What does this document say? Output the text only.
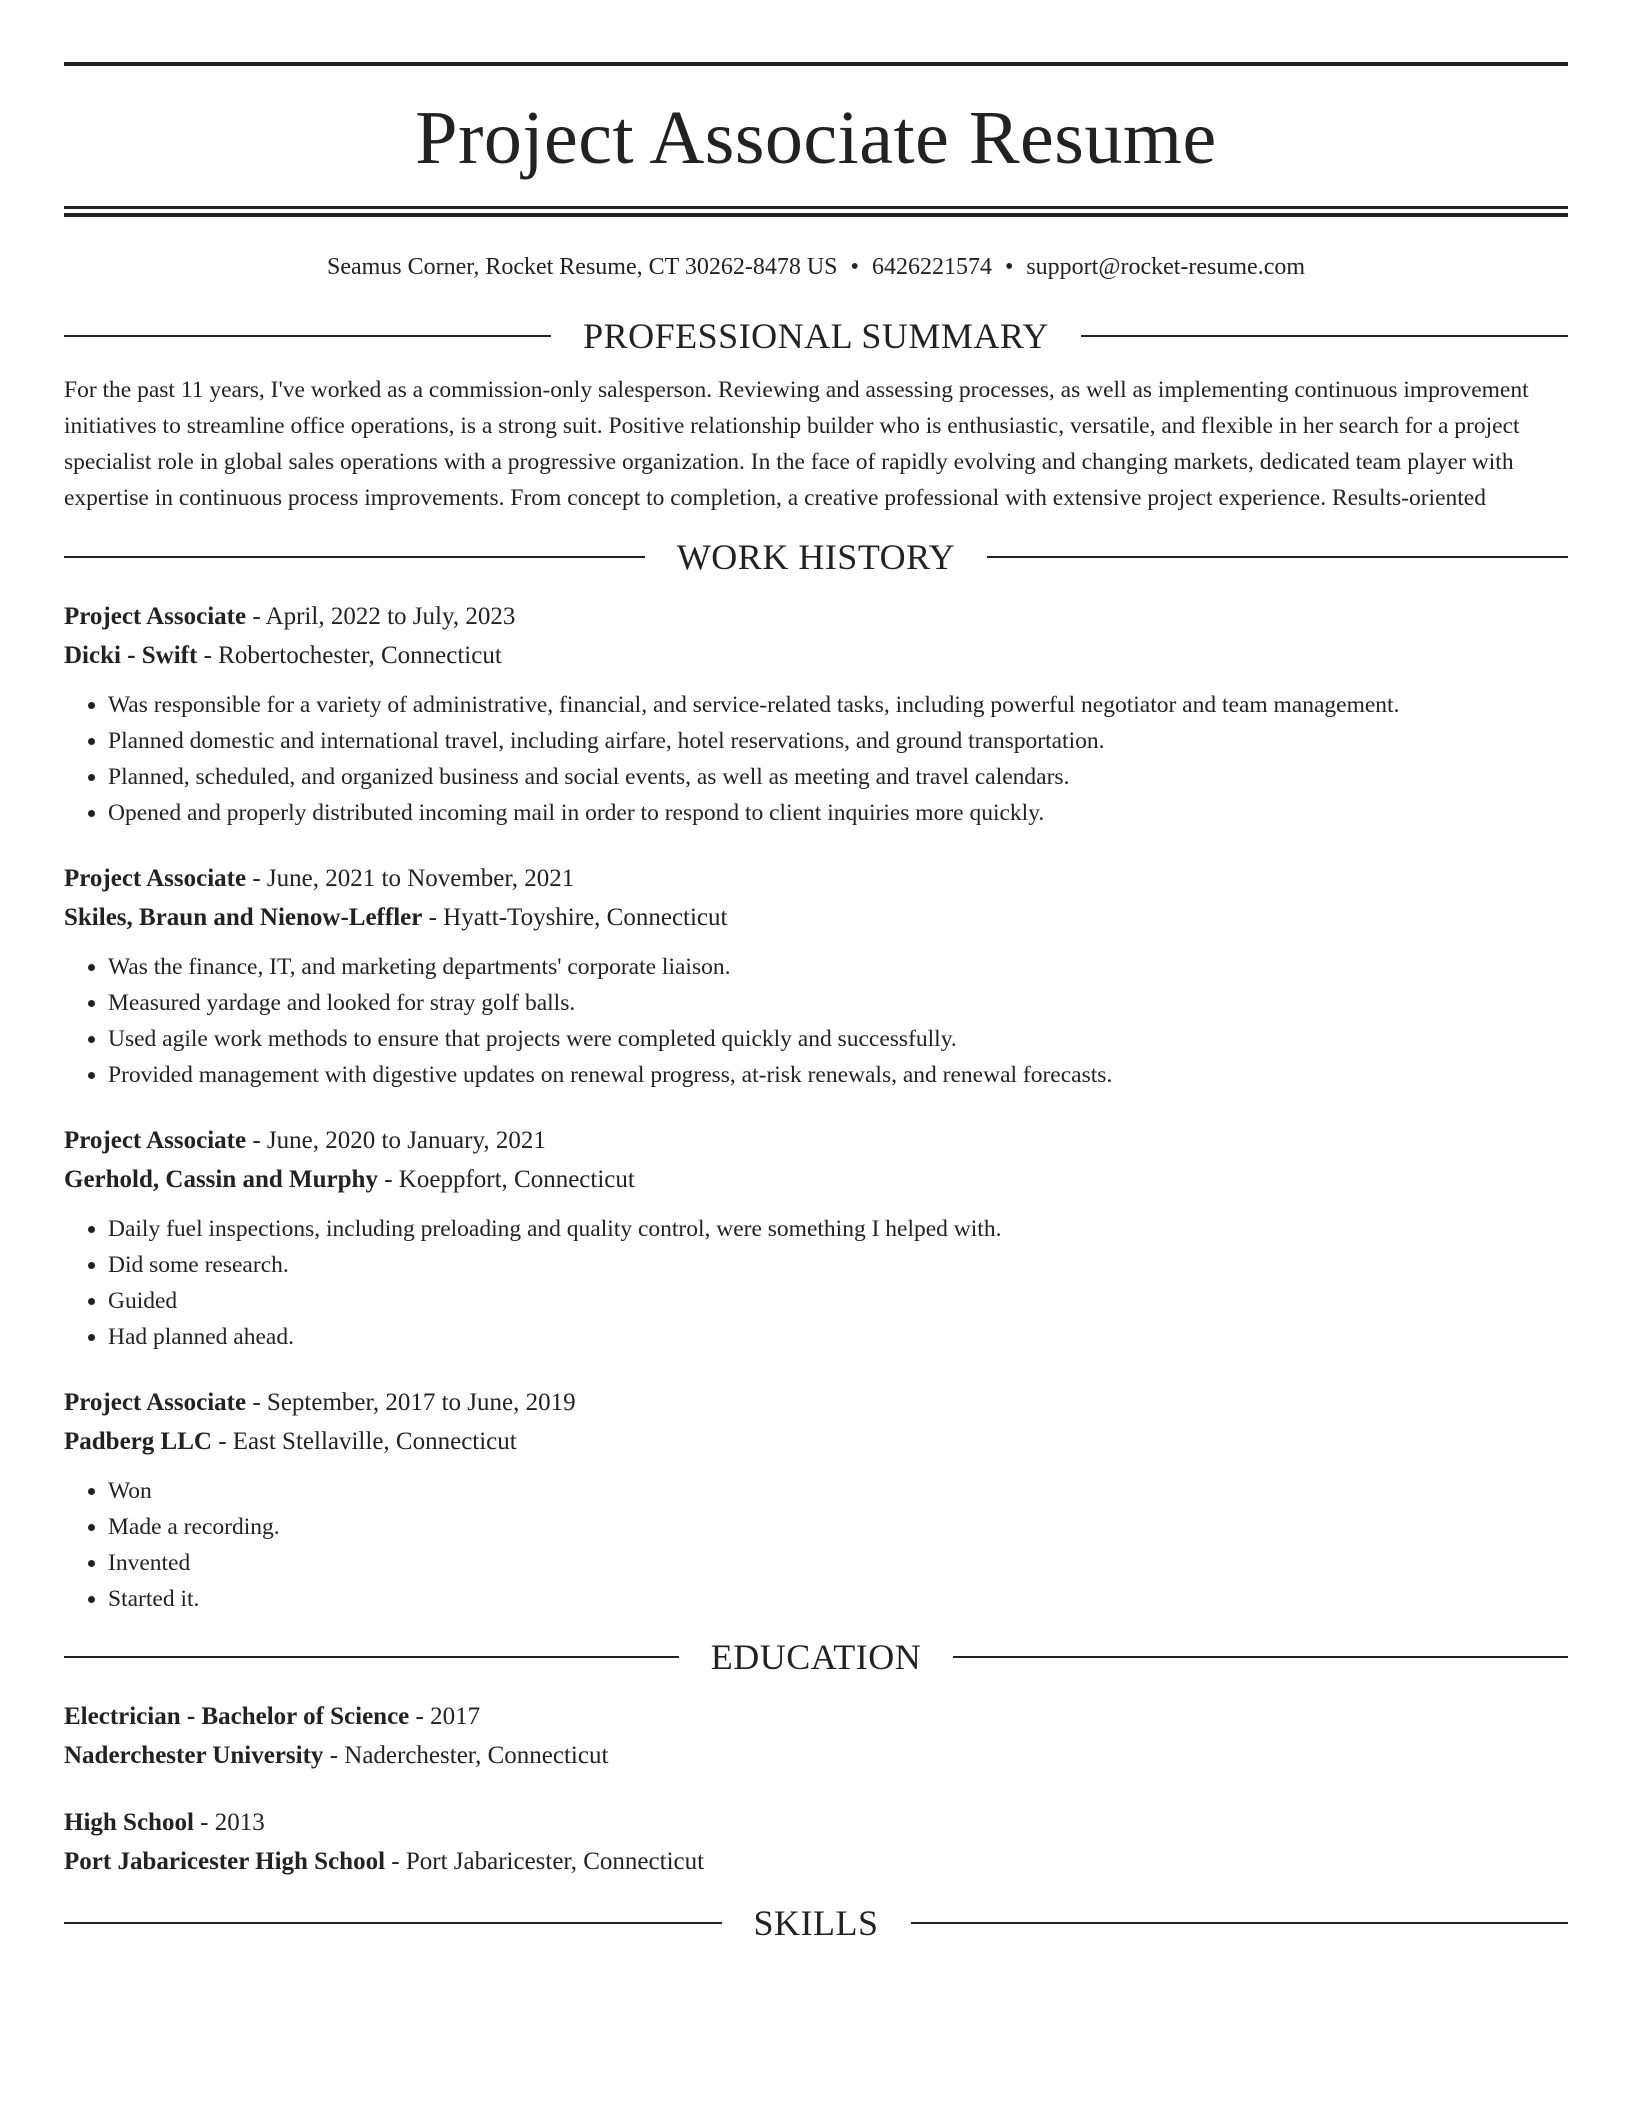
Project Associate Resume
Seamus Corner, Rocket Resume, CT 30262-8478 US • 6426221574 • support@rocket-resume.com
PROFESSIONAL SUMMARY

For the past 11 years, I've worked as a commission-only salesperson. Reviewing and assessing processes, as well as implementing continuous improvement initiatives to streamline office operations, is a strong suit. Positive relationship builder who is enthusiastic, versatile, and flexible in her search for a project specialist role in global sales operations with a progressive organization. In the face of rapidly evolving and changing markets, dedicated team player with expertise in continuous process improvements. From concept to completion, a creative professional with extensive project experience. Results-oriented

WORK HISTORY
Project Associate - April, 2022 to July, 2023
Dicki - Swift - Robertochester, Connecticut
• Was responsible for a variety of administrative, financial, and service-related tasks, including powerful negotiator and team management.
• Planned domestic and international travel, including airfare, hotel reservations, and ground transportation.
• Planned, scheduled, and organized business and social events, as well as meeting and travel calendars.
• Opened and properly distributed incoming mail in order to respond to client inquiries more quickly.
Project Associate - June, 2021 to November, 2021
Skiles, Braun and Nienow-Leffler - Hyatt-Toyshire, Connecticut
• Was the finance, IT, and marketing departments' corporate liaison.
• Measured yardage and looked for stray golf balls.
• Used agile work methods to ensure that projects were completed quickly and successfully.
• Provided management with digestive updates on renewal progress, at-risk renewals, and renewal forecasts.
Project Associate - June, 2020 to January, 2021
Gerhold, Cassin and Murphy - Koeppfort, Connecticut
• Daily fuel inspections, including preloading and quality control, were something I helped with.
• Did some research.
• Guided
• Had planned ahead.
Project Associate - September, 2017 to June, 2019
Padberg LLC - East Stellaville, Connecticut
• Won
• Made a recording.
• Invented
• Started it.
EDUCATION
Electrician - Bachelor of Science - 2017
Naderchester University - Naderchester, Connecticut
High School - 2013
Port Jabaricester High School - Port Jabaricester, Connecticut
SKILLS
